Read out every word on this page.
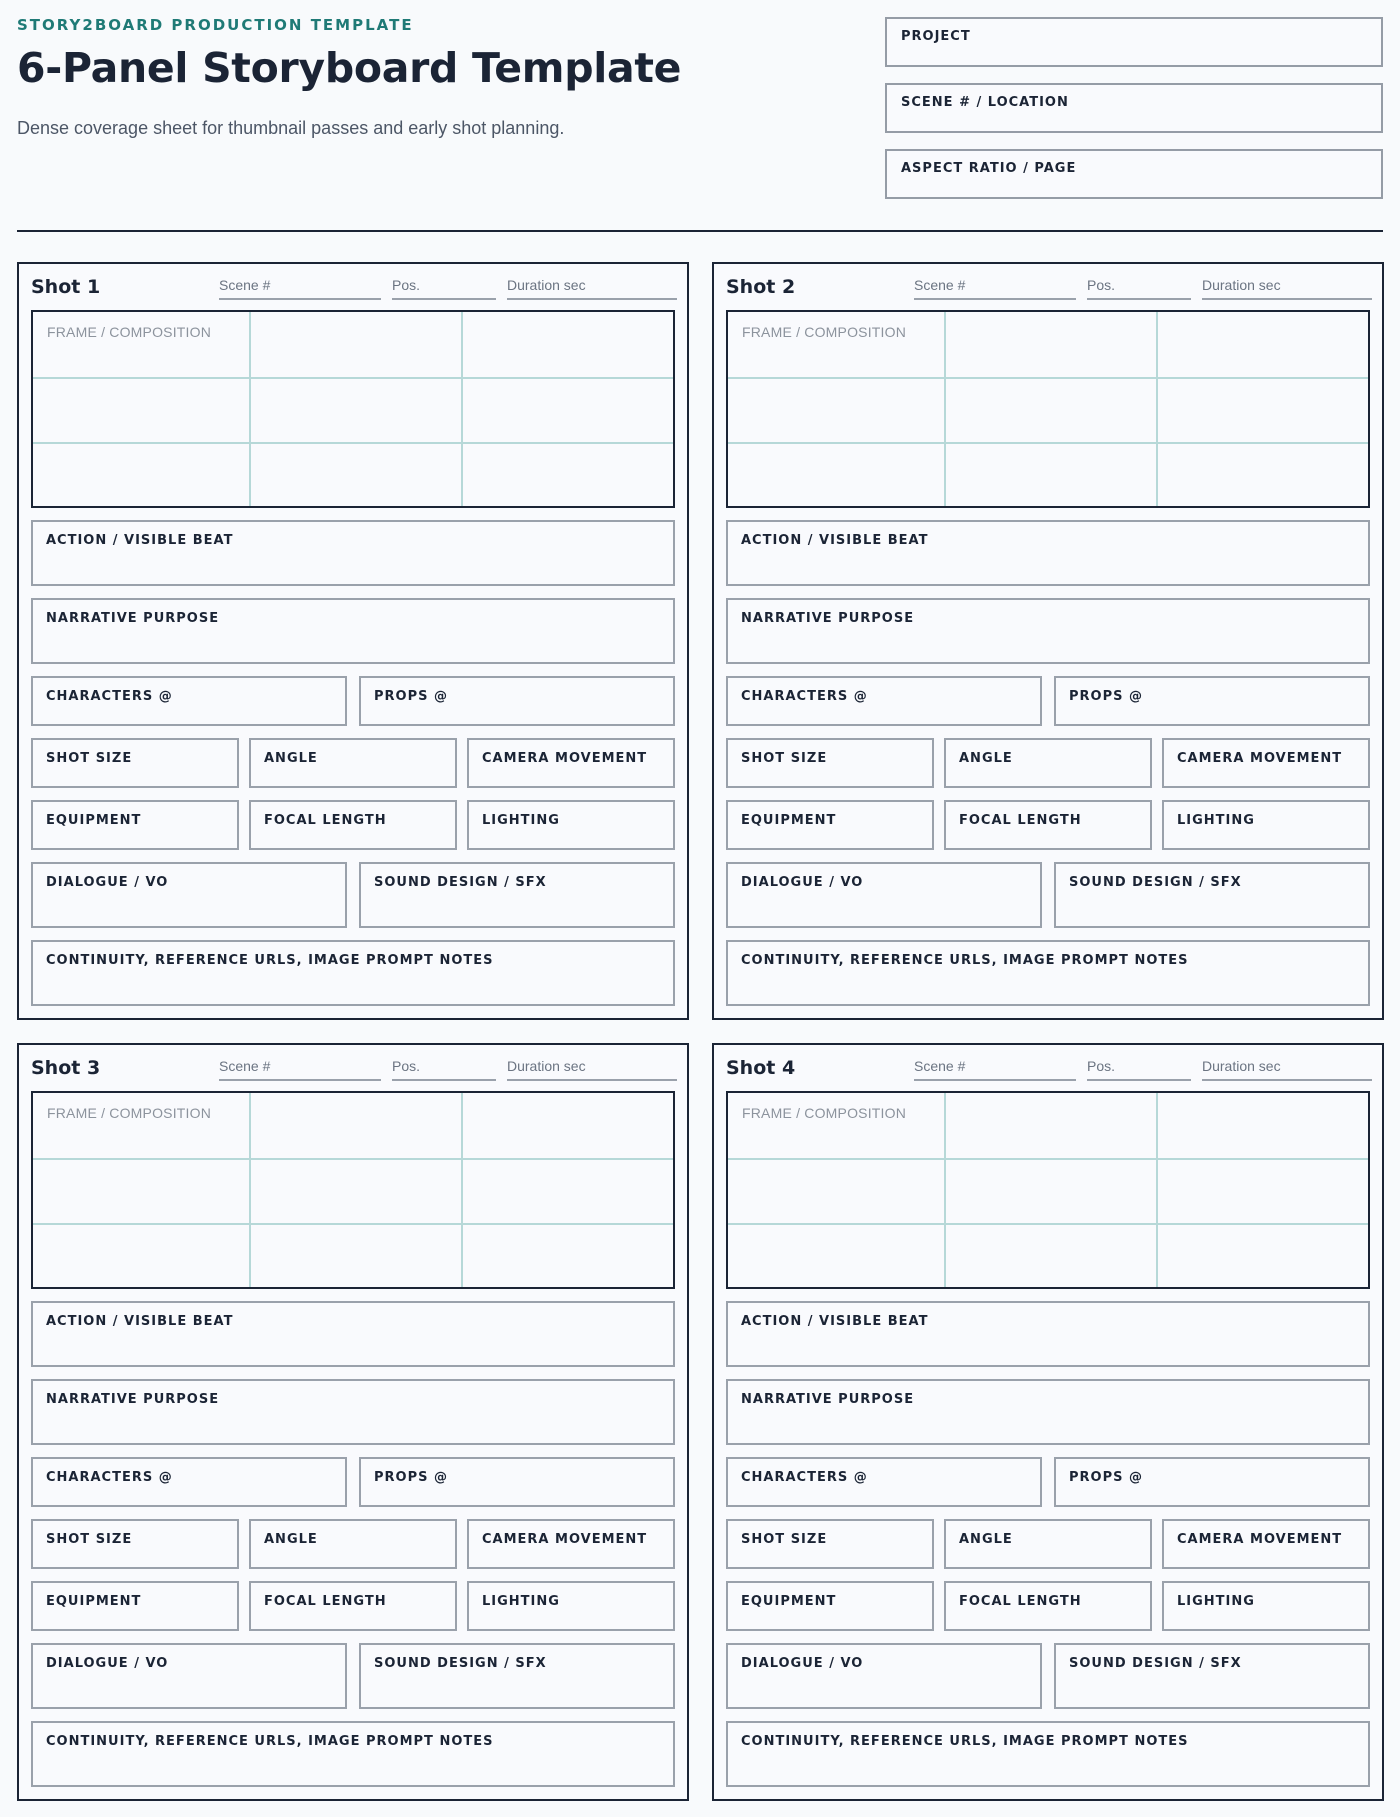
STORY2BOARD PRODUCTION TEMPLATE
6-Panel Storyboard Template
Dense coverage sheet for thumbnail passes and early shot planning.
PROJECT
SCENE # / LOCATION
ASPECT RATIO / PAGE
Shot 1	Scene #	Pos.	Duration sec
FRAME / COMPOSITION
ACTION / VISIBLE BEAT
NARRATIVE PURPOSE
CHARACTERS @	PROPS @
SHOT SIZE	ANGLE	CAMERA MOVEMENT
EQUIPMENT	FOCAL LENGTH	LIGHTING
DIALOGUE / VO	SOUND DESIGN / SFX
CONTINUITY, REFERENCE URLS, IMAGE PROMPT NOTES
Shot 2	Scene #	Pos.	Duration sec
FRAME / COMPOSITION
ACTION / VISIBLE BEAT
NARRATIVE PURPOSE
CHARACTERS @	PROPS @
SHOT SIZE	ANGLE	CAMERA MOVEMENT
EQUIPMENT	FOCAL LENGTH	LIGHTING
DIALOGUE / VO	SOUND DESIGN / SFX
CONTINUITY, REFERENCE URLS, IMAGE PROMPT NOTES
Shot 3	Scene #	Pos.	Duration sec
FRAME / COMPOSITION
ACTION / VISIBLE BEAT
NARRATIVE PURPOSE
CHARACTERS @	PROPS @
SHOT SIZE	ANGLE	CAMERA MOVEMENT
EQUIPMENT	FOCAL LENGTH	LIGHTING
DIALOGUE / VO	SOUND DESIGN / SFX
CONTINUITY, REFERENCE URLS, IMAGE PROMPT NOTES
Shot 4	Scene #	Pos.	Duration sec
FRAME / COMPOSITION
ACTION / VISIBLE BEAT
NARRATIVE PURPOSE
CHARACTERS @	PROPS @
SHOT SIZE	ANGLE	CAMERA MOVEMENT
EQUIPMENT	FOCAL LENGTH	LIGHTING
DIALOGUE / VO	SOUND DESIGN / SFX
CONTINUITY, REFERENCE URLS, IMAGE PROMPT NOTES
